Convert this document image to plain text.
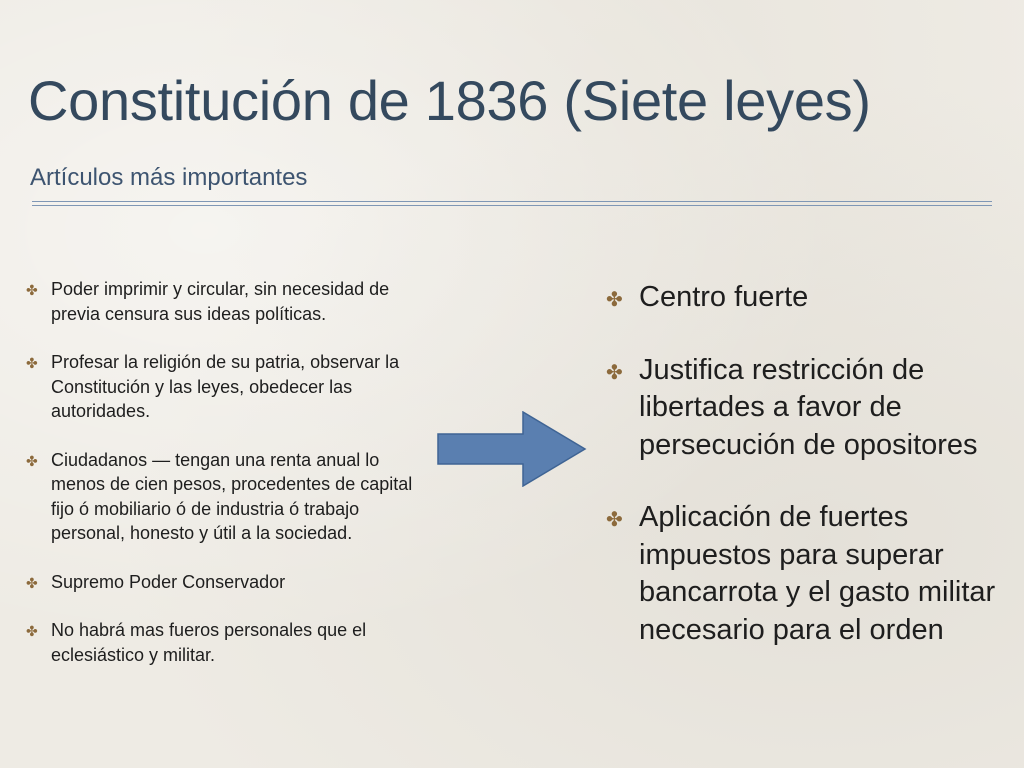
Constitución de 1836 (Siete leyes)
Artículos más importantes
✤ Poder imprimir y circular, sin necesidad de previa censura sus ideas políticas.
✤ Profesar la religión de su patria, observar la Constitución y las leyes, obedecer las autoridades.
✤ Ciudadanos — tengan una renta anual lo menos de cien pesos, procedentes de capital fijo ó mobiliario ó de industria ó trabajo personal, honesto y útil a la sociedad.
✤ Supremo Poder Conservador
✤ No habrá mas fueros personales que el eclesiástico y militar.
✤ Centro fuerte
✤ Justifica restricción de libertades a favor de persecución de opositores
✤ Aplicación de fuertes impuestos para superar bancarrota y el gasto militar necesario para el orden
